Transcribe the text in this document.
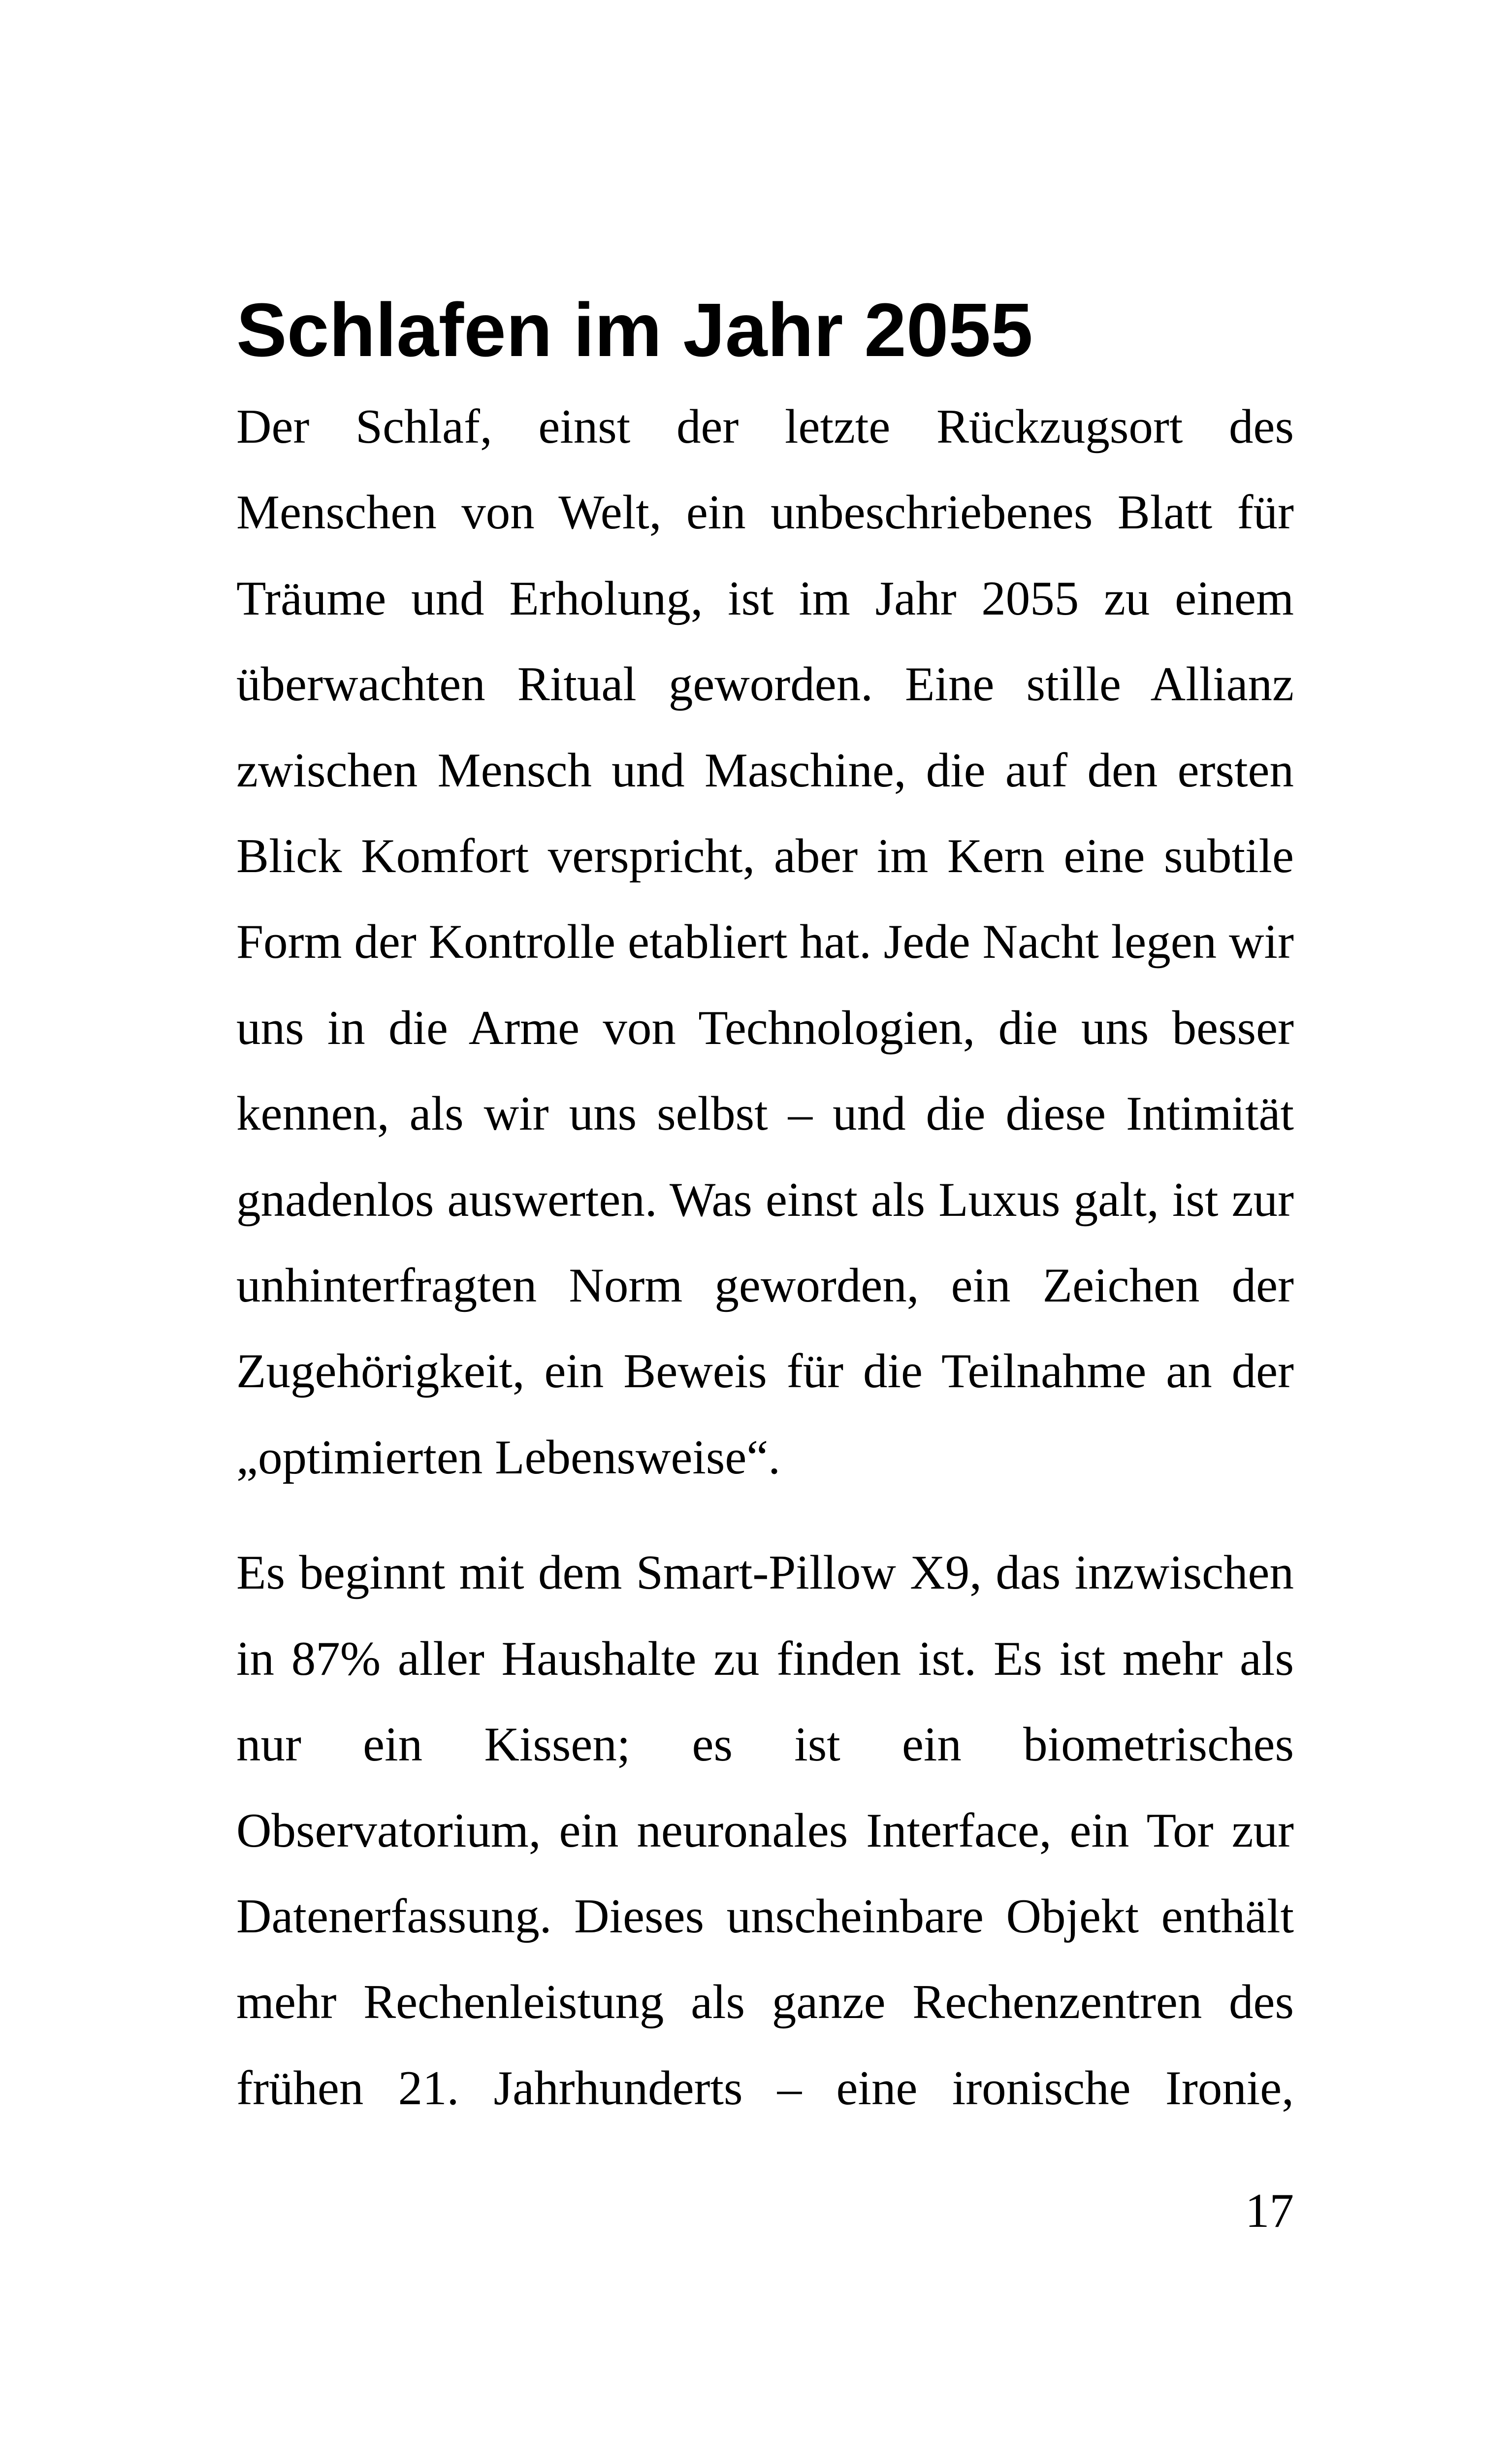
Schlafen im Jahr 2055

Der Schlaf, einst der letzte Rückzugsort des Menschen von Welt, ein unbeschriebenes Blatt für Träume und Erholung, ist im Jahr 2055 zu einem überwachten Ritual geworden. Eine stille Allianz zwischen Mensch und Maschine, die auf den ersten Blick Komfort verspricht, aber im Kern eine subtile Form der Kontrolle etabliert hat. Jede Nacht legen wir uns in die Arme von Technologien, die uns besser kennen, als wir uns selbst – und die diese Intimität gnadenlos auswerten. Was einst als Luxus galt, ist zur unhinterfragten Norm geworden, ein Zeichen der Zugehörigkeit, ein Beweis für die Teilnahme an der „optimierten Lebensweise“.

Es beginnt mit dem Smart-Pillow X9, das inzwischen in 87% aller Haushalte zu finden ist. Es ist mehr als nur ein Kissen; es ist ein biometrisches Observatorium, ein neuronales Interface, ein Tor zur Datenerfassung. Dieses unscheinbare Objekt enthält mehr Rechenleistung als ganze Rechenzentren des frühen 21. Jahrhunderts – eine ironische Ironie,

17
